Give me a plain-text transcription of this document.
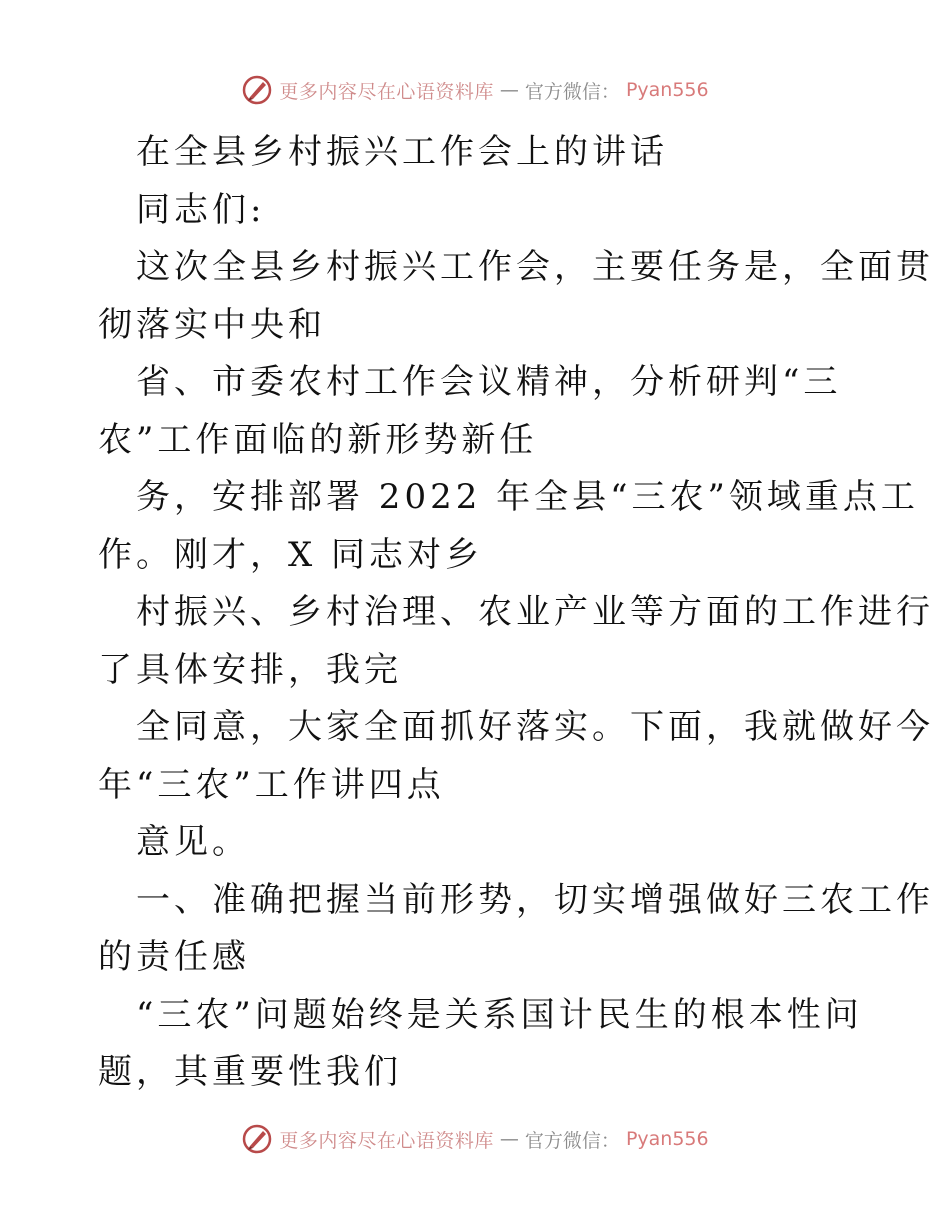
更多内容尽在心语资料库 — 官方微信： Pyan556
在全县乡村振兴工作会上的讲话
同志们:
这次全县乡村振兴工作会，主要任务是，全面贯
彻落实中央和
省、市委农村工作会议精神，分析研判“三
农”工作面临的新形势新任
务，安排部署 2022 年全县“三农”领域重点工
作。刚才，X 同志对乡
村振兴、乡村治理、农业产业等方面的工作进行
了具体安排，我完
全同意，大家全面抓好落实。下面，我就做好今
年“三农”工作讲四点
意见。
一、准确把握当前形势，切实增强做好三农工作
的责任感
“三农”问题始终是关系国计民生的根本性问
题，其重要性我们
更多内容尽在心语资料库 — 官方微信： Pyan556
